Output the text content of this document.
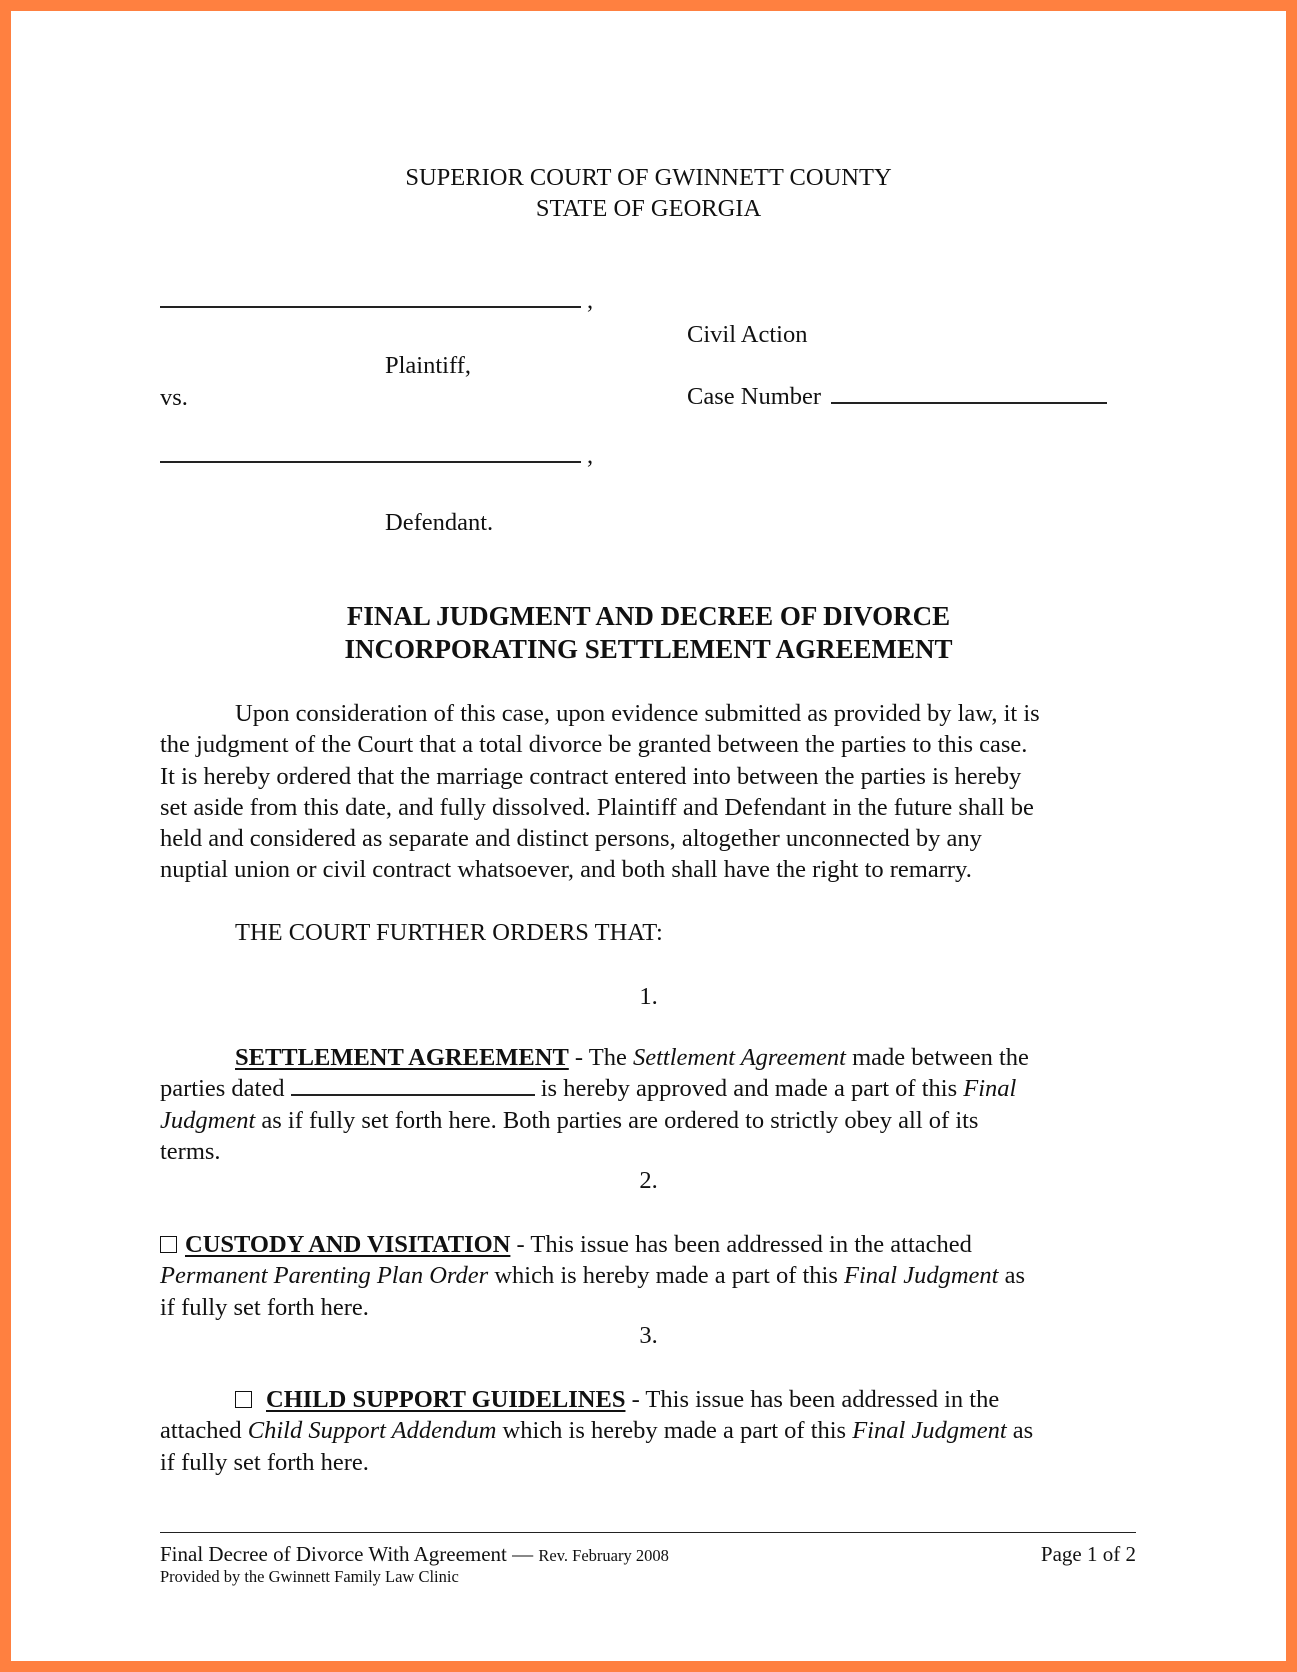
SUPERIOR COURT OF GWINNETT COUNTY
STATE OF GEORGIA
,
Plaintiff,
vs.
,
Defendant.
Civil Action
Case Number
FINAL JUDGMENT AND DECREE OF DIVORCE
INCORPORATING SETTLEMENT AGREEMENT
Upon consideration of this case, upon evidence submitted as provided by law, it is
the judgment of the Court that a total divorce be granted between the parties to this case.
It is hereby ordered that the marriage contract entered into between the parties is hereby
set aside from this date, and fully dissolved. Plaintiff and Defendant in the future shall be
held and considered as separate and distinct persons, altogether unconnected by any
nuptial union or civil contract whatsoever, and both shall have the right to remarry.
THE COURT FURTHER ORDERS THAT:
1.
SETTLEMENT AGREEMENT - The Settlement Agreement made between the
parties dated	is hereby approved and made a part of this Final
Judgment as if fully set forth here. Both parties are ordered to strictly obey all of its
terms.
2.
CUSTODY AND VISITATION - This issue has been addressed in the attached
Permanent Parenting Plan Order which is hereby made a part of this Final Judgment as
if fully set forth here.
3.
CHILD SUPPORT GUIDELINES - This issue has been addressed in the
attached Child Support Addendum which is hereby made a part of this Final Judgment as
if fully set forth here.
Final Decree of Divorce With Agreement — Rev. February 2008
Provided by the Gwinnett Family Law Clinic
Page 1 of 2
